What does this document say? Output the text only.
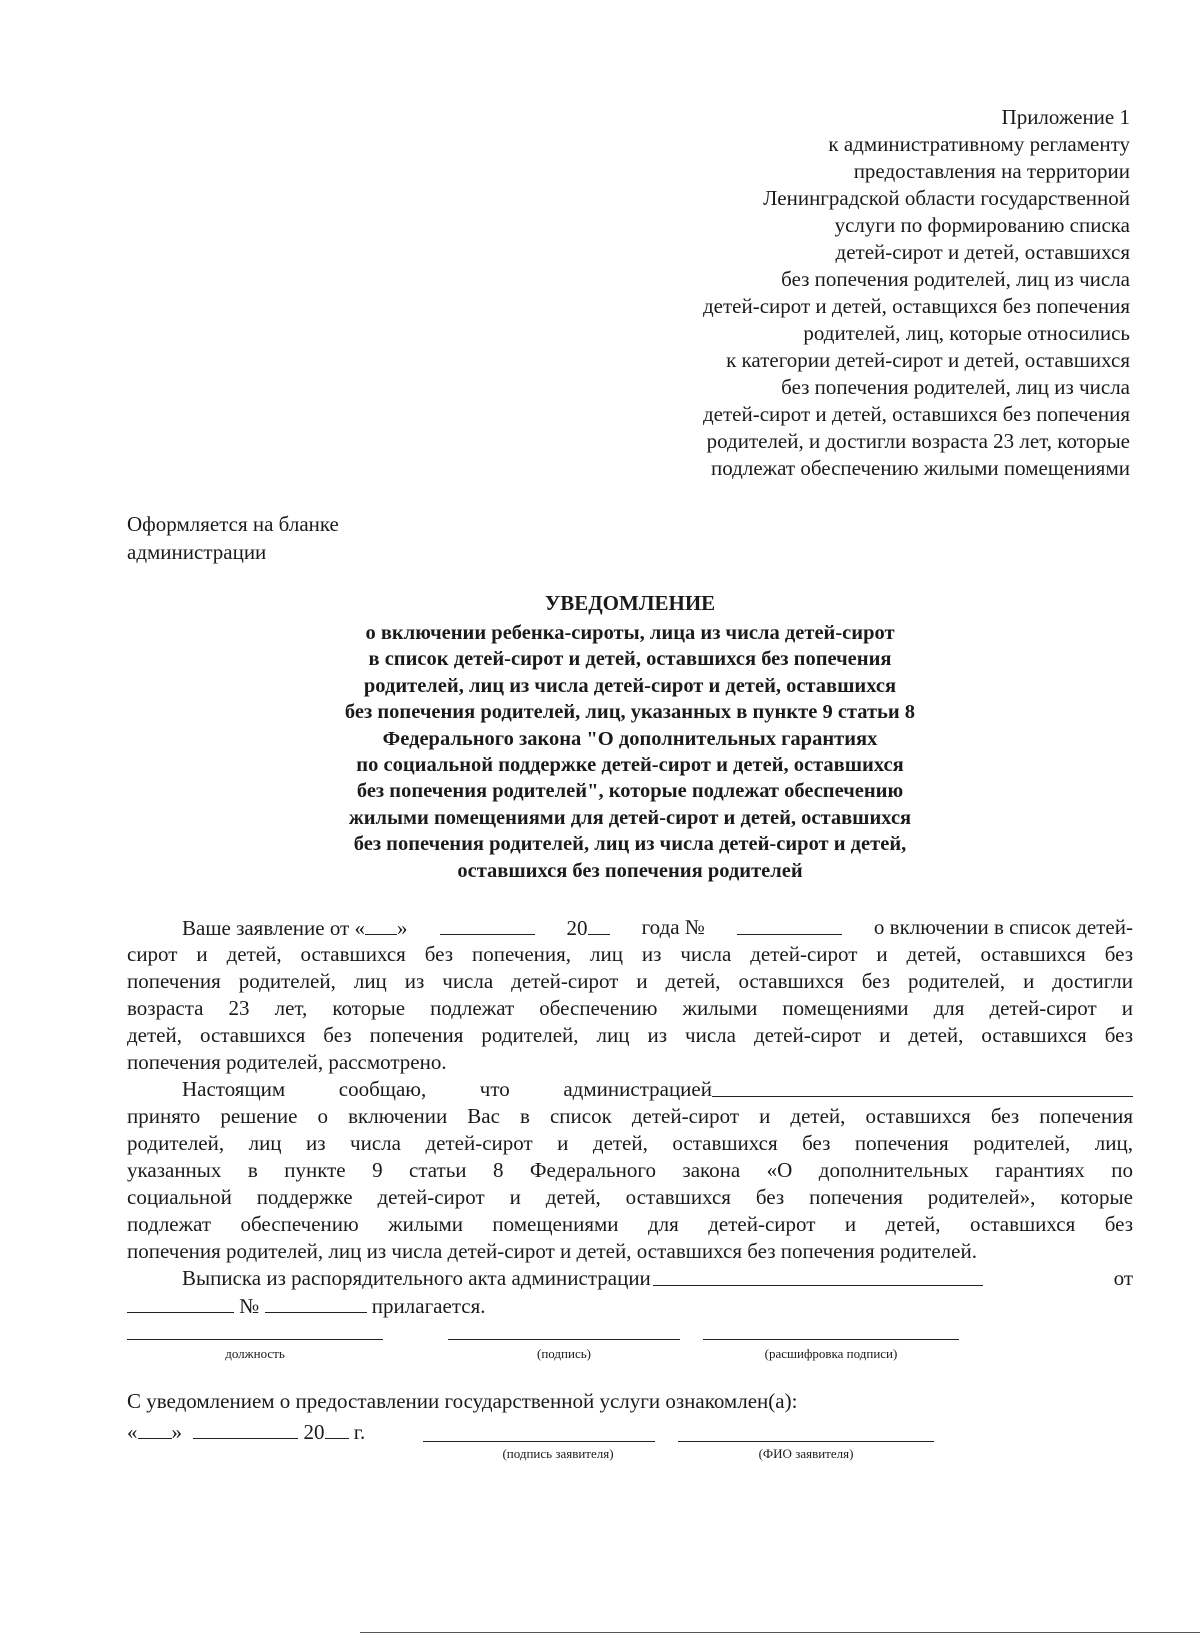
Приложение 1
к административному регламенту
предоставления на территории
Ленинградской области государственной
услуги по формированию списка
детей-сирот и детей, оставшихся
без попечения родителей, лиц из числа
детей-сирот и детей, оставщихся без попечения
родителей, лиц, которые относились
к категории детей-сирот и детей, оставшихся
без попечения родителей, лиц из числа
детей-сирот и детей, оставшихся без попечения
родителей, и достигли возраста 23 лет, которые
подлежат обеспечению жилыми помещениями
Оформляется на бланке
администрации
УВЕДОМЛЕНИЕ
о включении ребенка-сироты, лица из числа детей-сирот
в список детей-сирот и детей, оставшихся без попечения
родителей, лиц из числа детей-сирот и детей, оставшихся
без попечения родителей, лиц, указанных в пункте 9 статьи 8
Федерального закона "О дополнительных гарантиях
по социальной поддержке детей-сирот и детей, оставшихся
без попечения родителей", которые подлежат обеспечению
жилыми помещениями для детей-сирот и детей, оставшихся
без попечения родителей, лиц из числа детей-сирот и детей,
оставшихся без попечения родителей
Ваше заявление от « »	20	года №	о включении в список детей-
сирот и детей, оставшихся без попечения, лиц из числа детей-сирот и детей, оставшихся без
попечения родителей, лиц из числа детей-сирот и детей, оставшихся без родителей, и достигли
возраста 23 лет, которые подлежат обеспечению жилыми помещениями для детей-сирот и
детей, оставшихся без попечения родителей, лиц из числа детей-сирот и детей, оставшихся без
попечения родителей, рассмотрено.
Настоящим	сообщаю,	что	администрацией
принято решение о включении Вас в список детей-сирот и детей, оставшихся без попечения
родителей, лиц из числа детей-сирот и детей, оставшихся без попечения родителей, лиц,
указанных в пункте 9 статьи 8 Федерального закона «О дополнительных гарантиях по
социальной поддержке детей-сирот и детей, оставшихся без попечения родителей», которые
подлежат обеспечению жилыми помещениями для детей-сирот и детей, оставшихся без
попечения родителей, лиц из числа детей-сирот и детей, оставшихся без попечения родителей.
Выписка из распорядительного акта администрации	от
№	прилагается.
должность	(подпись)	(расшифровка подписи)
С уведомлением о предоставлении государственной услуги ознакомлен(а):
« »	20 г.
(подпись заявителя)	(ФИО заявителя)
